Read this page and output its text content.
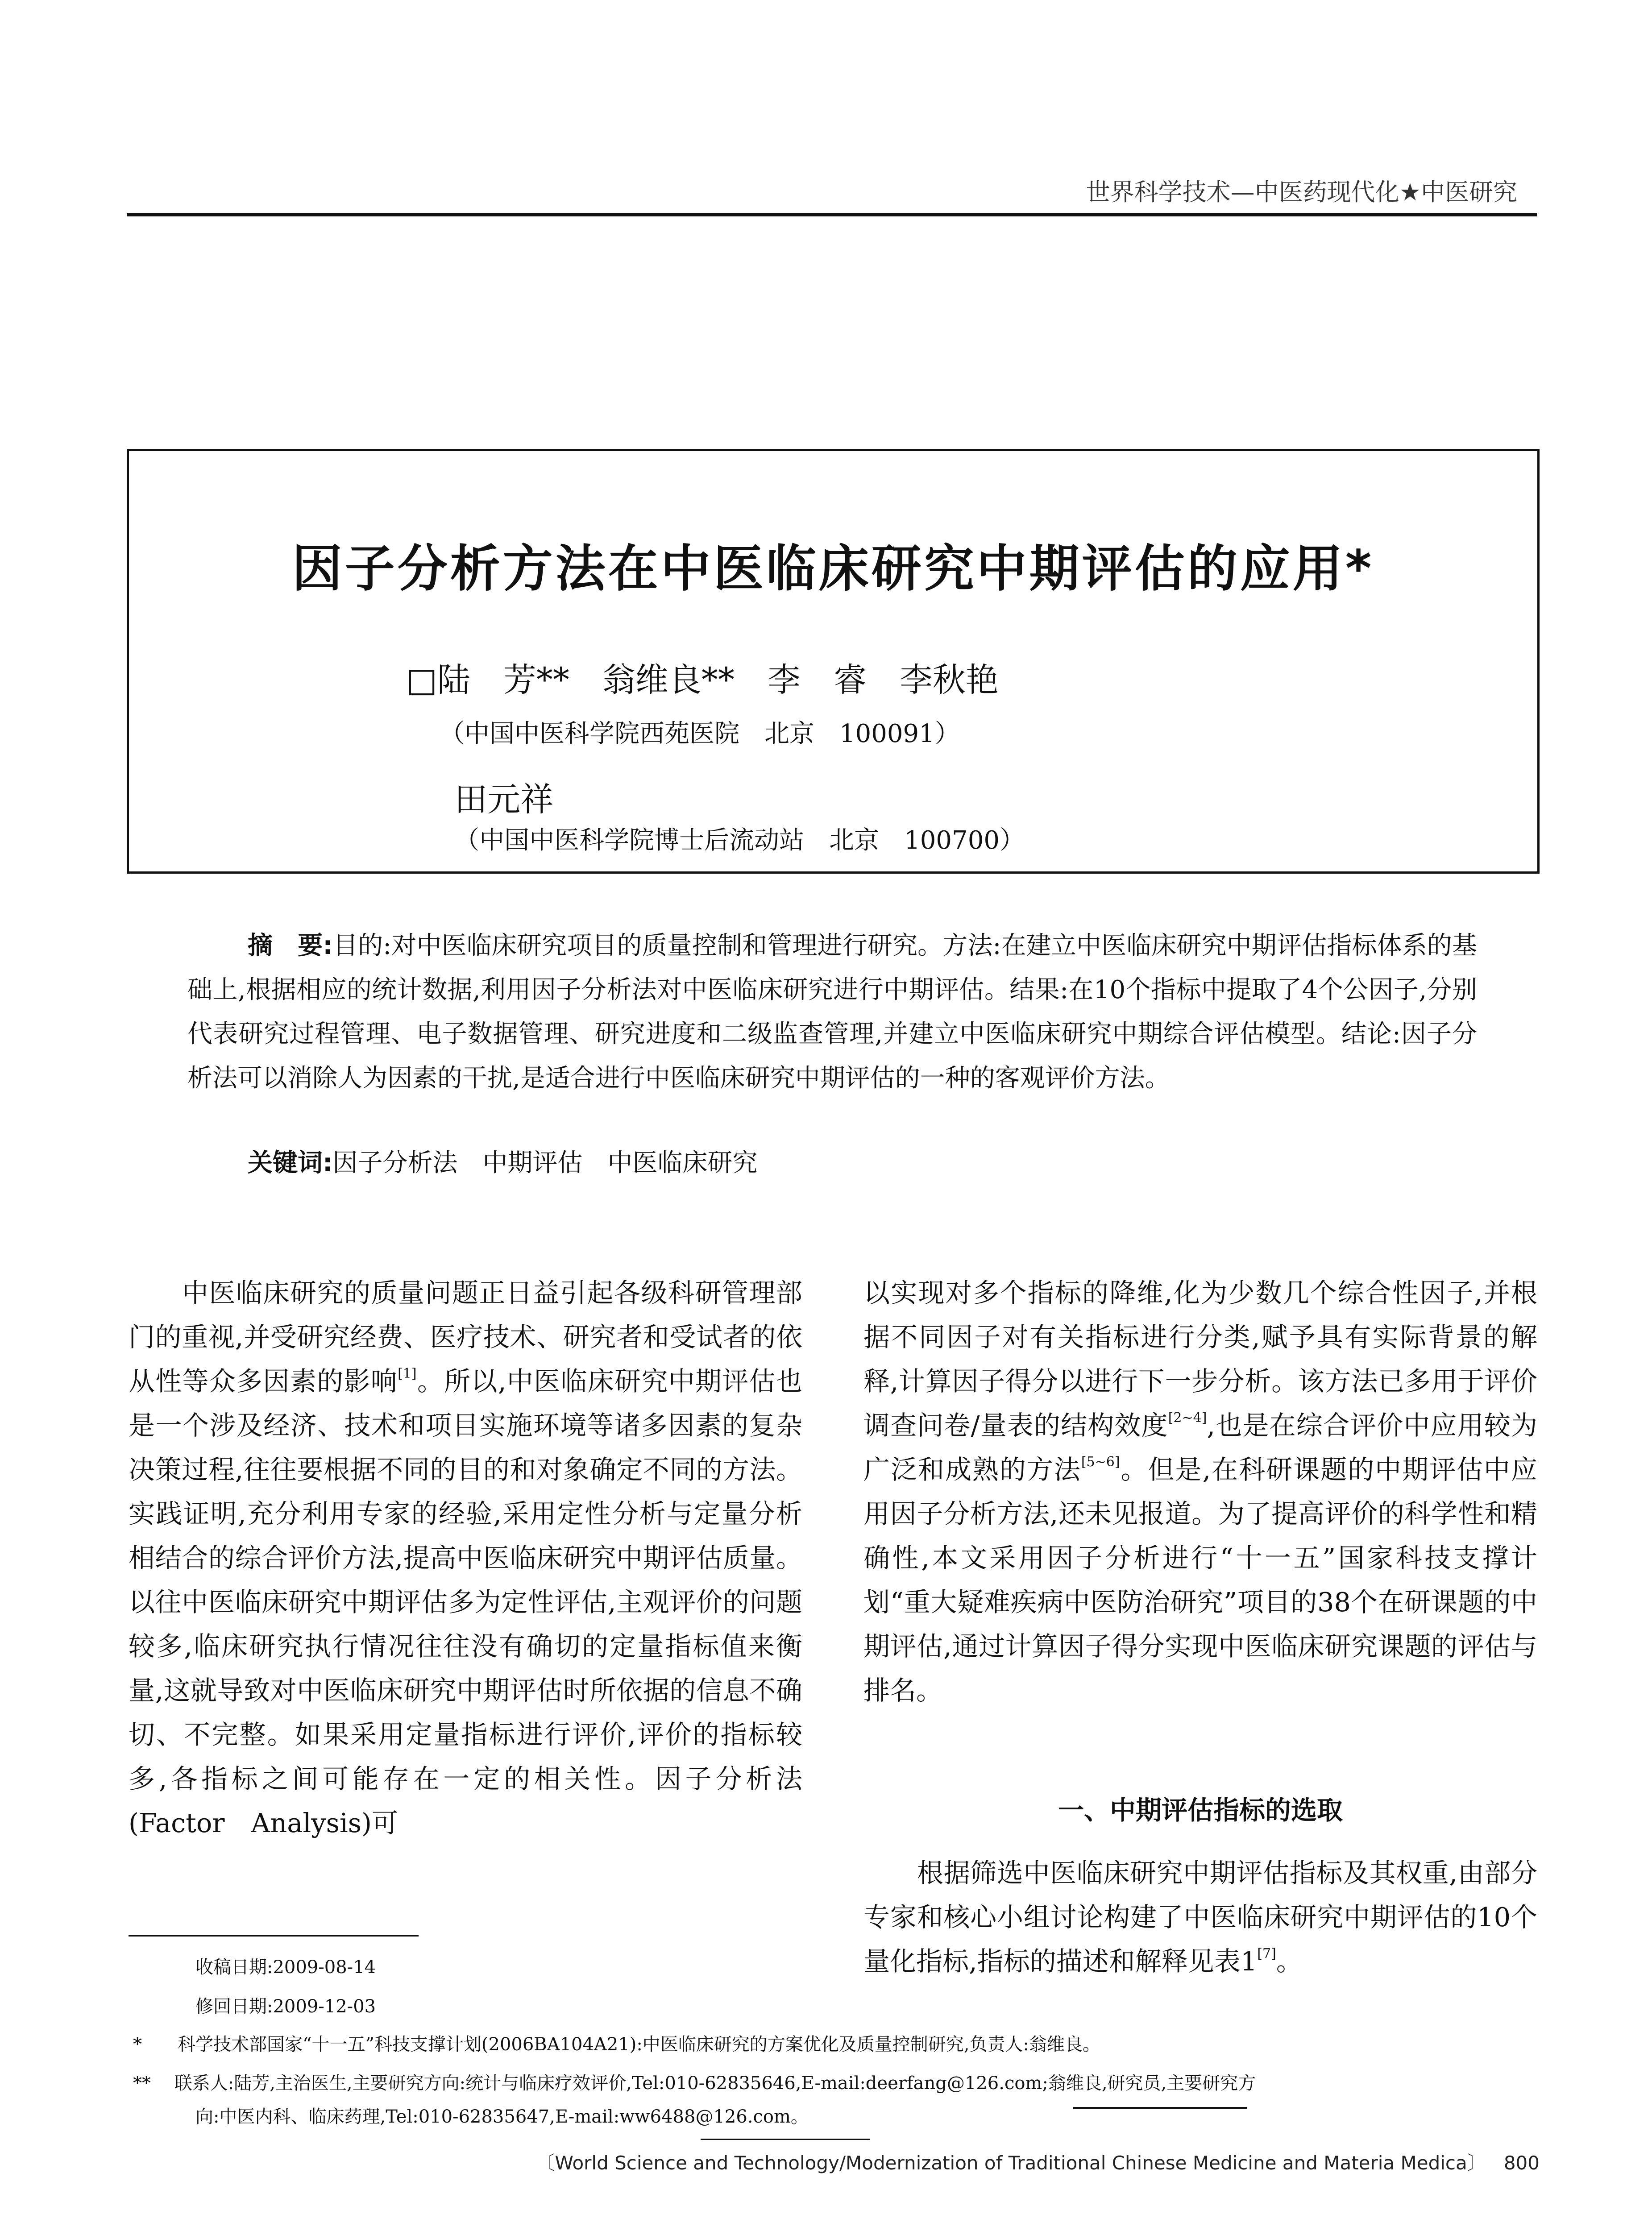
世界科学技术—中医药现代化★中医研究
因子分析方法在中医临床研究中期评估的应用*
□陆　芳**　翁维良**　李　睿　李秋艳
（中国中医科学院西苑医院　北京　100091）

田元祥
（中国中医科学院博士后流动站　北京　100700）

摘　要:目的:对中医临床研究项目的质量控制和管理进行研究。方法:在建立中医临床研究中期评估指标体系的基础上,根据相应的统计数据,利用因子分析法对中医临床研究进行中期评估。结果:在10个指标中提取了4个公因子,分别代表研究过程管理、电子数据管理、研究进度和二级监查管理,并建立中医临床研究中期综合评估模型。结论:因子分析法可以消除人为因素的干扰,是适合进行中医临床研究中期评估的一种的客观评价方法。
关键词:因子分析法　中期评估　中医临床研究
中医临床研究的质量问题正日益引起各级科研管理部门的重视,并受研究经费、医疗技术、研究者和受试者的依从性等众多因素的影响[1]。所以,中医临床研究中期评估也是一个涉及经济、技术和项目实施环境等诸多因素的复杂决策过程,往往要根据不同的目的和对象确定不同的方法。实践证明,充分利用专家的经验,采用定性分析与定量分析相结合的综合评价方法,提高中医临床研究中期评估质量。以往中医临床研究中期评估多为定性评估,主观评价的问题较多,临床研究执行情况往往没有确切的定量指标值来衡量,这就导致对中医临床研究中期评估时所依据的信息不确切、不完整。如果采用定量指标进行评价,评价的指标较多,各指标之间可能存在一定的相关性。因子分析法(Factor　Analysis)可
以实现对多个指标的降维,化为少数几个综合性因子,并根据不同因子对有关指标进行分类,赋予具有实际背景的解释,计算因子得分以进行下一步分析。该方法已多用于评价调查问卷/量表的结构效度[2~4],也是在综合评价中应用较为广泛和成熟的方法[5~6]。但是,在科研课题的中期评估中应用因子分析方法,还未见报道。为了提高评价的科学性和精确性,本文采用因子分析进行“十一五”国家科技支撑计划“重大疑难疾病中医防治研究”项目的38个在研课题的中期评估,通过计算因子得分实现中医临床研究课题的评估与排名。
一、中期评估指标的选取
根据筛选中医临床研究中期评估指标及其权重,由部分专家和核心小组讨论构建了中医临床研究中期评估的10个量化指标,指标的描述和解释见表1[7]。
收稿日期:2009-08-14
修回日期:2009-12-03
*　　科学技术部国家“十一五”科技支撑计划(2006BA104A21):中医临床研究的方案优化及质量控制研究,负责人:翁维良。
**　 联系人:陆芳,主治医生,主要研究方向:统计与临床疗效评价,Tel:010-62835646,E-mail:deerfang@126.com;翁维良,研究员,主要研究方
向:中医内科、临床药理,Tel:010-62835647,E-mail:ww6488@126.com。
〔World Science and Technology/Modernization of Traditional Chinese Medicine and Materia Medica〕 800
